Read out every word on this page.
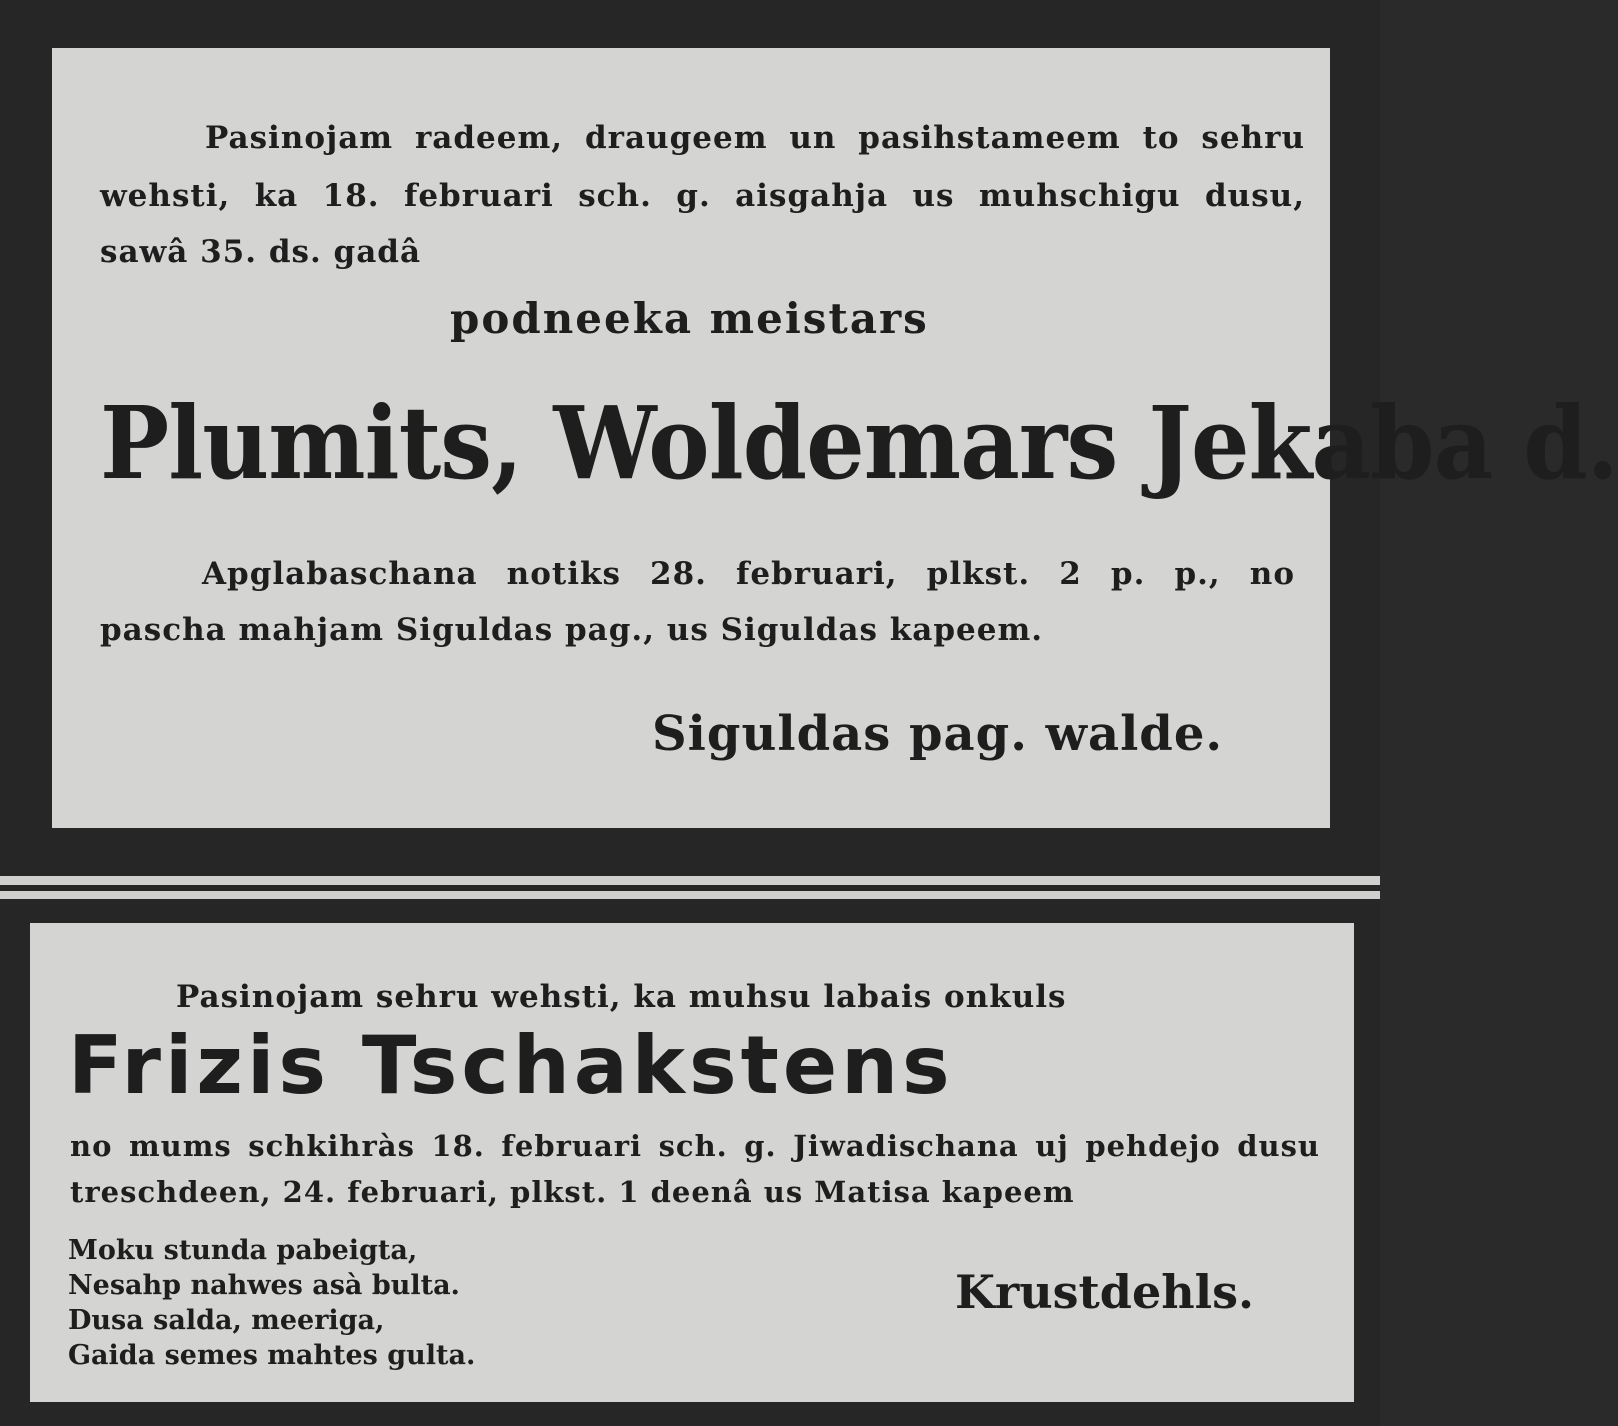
Pasinojam radeem, draugeem un pasihstameem to sehru
wehsti, ka 18. februari sch. g. aisgahja us muhschigu dusu,
sawâ 35. ds. gadâ
podneeka meistars
Plumits, Woldemars Jekaba d.
Apglabaschana notiks 28. februari, plkst. 2 p. p., no
pascha mahjam Siguldas pag., us Siguldas kapeem.
Siguldas pag. walde.
Pasinojam sehru wehsti, ka muhsu labais onkuls
Frizis Tschakstens
no mums schkihràs 18. februari sch. g. Jiwadischana uj pehdejo dusu
treschdeen, 24. februari, plkst. 1 deenâ us Matisa kapeem
Moku stunda pabeigta,
Nesahp nahwes asà bulta.
Dusa salda, meeriga,
Gaida semes mahtes gulta.
Krustdehls.
